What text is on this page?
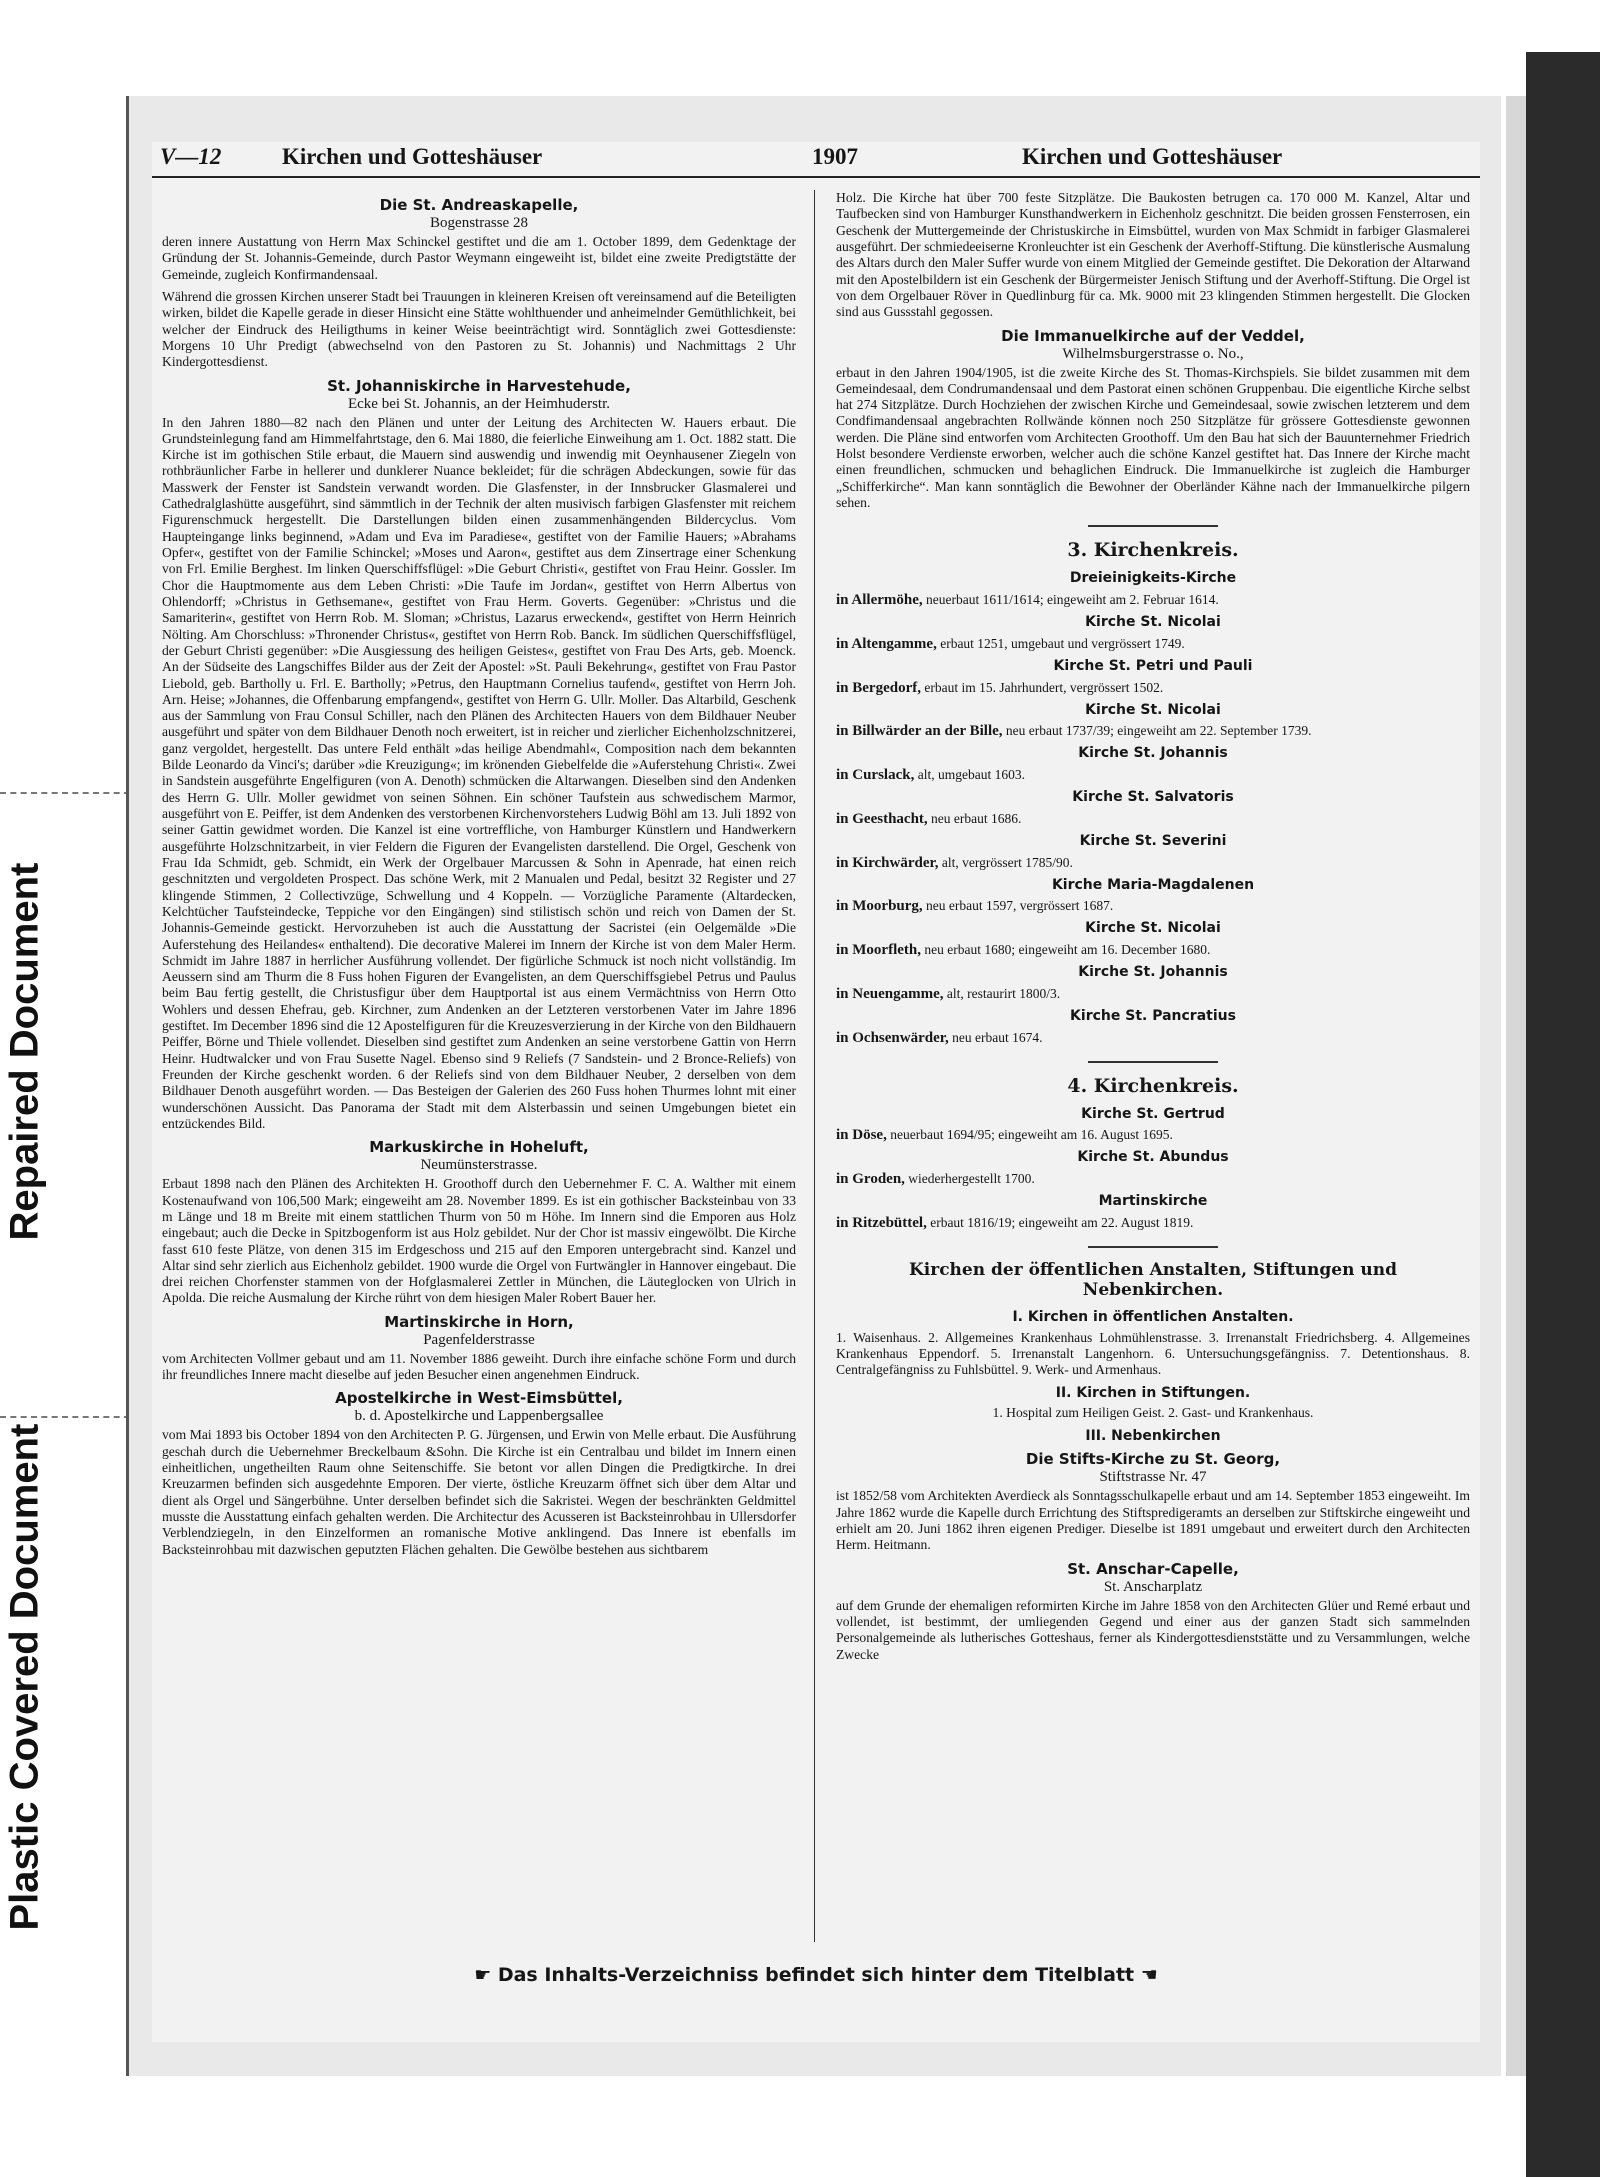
Repaired Document
Plastic Covered Document
V—12	Kirchen und Gotteshäuser	1907	Kirchen und Gotteshäuser
Die St. Andreaskapelle,
Bogenstrasse 28

deren innere Austattung von Herrn Max Schinckel gestiftet und die am 1. October 1899, dem Gedenktage der Gründung der St. Johannis-Gemeinde, durch Pastor Weymann eingeweiht ist, bildet eine zweite Predigtstätte der Gemeinde, zugleich Konfirmandensaal.

Während die grossen Kirchen unserer Stadt bei Trauungen in kleineren Kreisen oft vereinsamend auf die Beteiligten wirken, bildet die Kapelle gerade in dieser Hinsicht eine Stätte wohlthuender und anheimelnder Gemüthlichkeit, bei welcher der Eindruck des Heiligthums in keiner Weise beeinträchtigt wird. Sonntäglich zwei Gottesdienste: Morgens 10 Uhr Predigt (abwechselnd von den Pastoren zu St. Johannis) und Nachmittags 2 Uhr Kindergottesdienst.

St. Johanniskirche in Harvestehude,
Ecke bei St. Johannis, an der Heimhuderstr.

In den Jahren 1880—82 nach den Plänen und unter der Leitung des Architecten W. Hauers erbaut. Die Grundsteinlegung fand am Himmelfahrtstage, den 6. Mai 1880, die feierliche Einweihung am 1. Oct. 1882 statt. Die Kirche ist im gothischen Stile erbaut, die Mauern sind auswendig und inwendig mit Oeynhausener Ziegeln von rothbräunlicher Farbe in hellerer und dunklerer Nuance bekleidet; für die schrägen Abdeckungen, sowie für das Masswerk der Fenster ist Sandstein verwandt worden. Die Glasfenster, in der Innsbrucker Glasmalerei und Cathedralglashütte ausgeführt, sind sämmtlich in der Technik der alten musivisch farbigen Glasfenster mit reichem Figurenschmuck hergestellt. Die Darstellungen bilden einen zusammenhängenden Bildercyclus. Vom Haupteingange links beginnend, »Adam und Eva im Paradiese«, gestiftet von der Familie Hauers; »Abrahams Opfer«, gestiftet von der Familie Schinckel; »Moses und Aaron«, gestiftet aus dem Zinsertrage einer Schenkung von Frl. Emilie Berghest. Im linken Querschiffsflügel: »Die Geburt Christi«, gestiftet von Frau Heinr. Gossler. Im Chor die Hauptmomente aus dem Leben Christi: »Die Taufe im Jordan«, gestiftet von Herrn Albertus von Ohlendorff; »Christus in Gethsemane«, gestiftet von Frau Herm. Goverts. Gegenüber: »Christus und die Samariterin«, gestiftet von Herrn Rob. M. Sloman; »Christus, Lazarus erweckend«, gestiftet von Herrn Heinrich Nölting. Am Chorschluss: »Thronender Christus«, gestiftet von Herrn Rob. Banck. Im südlichen Querschiffsflügel, der Geburt Christi gegenüber: »Die Ausgiessung des heiligen Geistes«, gestiftet von Frau Des Arts, geb. Moenck. An der Südseite des Langschiffes Bilder aus der Zeit der Apostel: »St. Pauli Bekehrung«, gestiftet von Frau Pastor Liebold, geb. Bartholly u. Frl. E. Bartholly; »Petrus, den Hauptmann Cornelius taufend«, gestiftet von Herrn Joh. Arn. Heise; »Johannes, die Offenbarung empfangend«, gestiftet von Herrn G. Ullr. Moller. Das Altarbild, Geschenk aus der Sammlung von Frau Consul Schiller, nach den Plänen des Architecten Hauers von dem Bildhauer Neuber ausgeführt und später von dem Bildhauer Denoth noch erweitert, ist in reicher und zierlicher Eichenholzschnitzerei, ganz vergoldet, hergestellt. Das untere Feld enthält »das heilige Abendmahl«, Composition nach dem bekannten Bilde Leonardo da Vinci's; darüber »die Kreuzigung«; im krönenden Giebelfelde die »Auferstehung Christi«. Zwei in Sandstein ausgeführte Engelfiguren (von A. Denoth) schmücken die Altarwangen. Dieselben sind den Andenken des Herrn G. Ullr. Moller gewidmet von seinen Söhnen. Ein schöner Taufstein aus schwedischem Marmor, ausgeführt von E. Peiffer, ist dem Andenken des verstorbenen Kirchenvorstehers Ludwig Böhl am 13. Juli 1892 von seiner Gattin gewidmet worden. Die Kanzel ist eine vortreffliche, von Hamburger Künstlern und Handwerkern ausgeführte Holzschnitzarbeit, in vier Feldern die Figuren der Evangelisten darstellend. Die Orgel, Geschenk von Frau Ida Schmidt, geb. Schmidt, ein Werk der Orgelbauer Marcussen & Sohn in Apenrade, hat einen reich geschnitzten und vergoldeten Prospect. Das schöne Werk, mit 2 Manualen und Pedal, besitzt 32 Register und 27 klingende Stimmen, 2 Collectivzüge, Schwellung und 4 Koppeln. — Vorzügliche Paramente (Altardecken, Kelchtücher Taufsteindecke, Teppiche vor den Eingängen) sind stilistisch schön und reich von Damen der St. Johannis-Gemeinde gestickt. Hervorzuheben ist auch die Ausstattung der Sacristei (ein Oelgemälde »Die Auferstehung des Heilandes« enthaltend). Die decorative Malerei im Innern der Kirche ist von dem Maler Herm. Schmidt im Jahre 1887 in herrlicher Ausführung vollendet. Der figürliche Schmuck ist noch nicht vollständig. Im Aeussern sind am Thurm die 8 Fuss hohen Figuren der Evangelisten, an dem Querschiffsgiebel Petrus und Paulus beim Bau fertig gestellt, die Christusfigur über dem Hauptportal ist aus einem Vermächtniss von Herrn Otto Wohlers und dessen Ehefrau, geb. Kirchner, zum Andenken an der Letzteren verstorbenen Vater im Jahre 1896 gestiftet. Im December 1896 sind die 12 Apostelfiguren für die Kreuzesverzierung in der Kirche von den Bildhauern Peiffer, Börne und Thiele vollendet. Dieselben sind gestiftet zum Andenken an seine verstorbene Gattin von Herrn Heinr. Hudtwalcker und von Frau Susette Nagel. Ebenso sind 9 Reliefs (7 Sandstein- und 2 Bronce-Reliefs) von Freunden der Kirche geschenkt worden. 6 der Reliefs sind von dem Bildhauer Neuber, 2 derselben von dem Bildhauer Denoth ausgeführt worden. — Das Besteigen der Galerien des 260 Fuss hohen Thurmes lohnt mit einer wunderschönen Aussicht. Das Panorama der Stadt mit dem Alsterbassin und seinen Umgebungen bietet ein entzückendes Bild.

Markuskirche in Hoheluft,
Neumünsterstrasse.

Erbaut 1898 nach den Plänen des Architekten H. Groothoff durch den Uebernehmer F. C. A. Walther mit einem Kostenaufwand von 106,500 Mark; eingeweiht am 28. November 1899. Es ist ein gothischer Backsteinbau von 33 m Länge und 18 m Breite mit einem stattlichen Thurm von 50 m Höhe. Im Innern sind die Emporen aus Holz eingebaut; auch die Decke in Spitzbogenform ist aus Holz gebildet. Nur der Chor ist massiv eingewölbt. Die Kirche fasst 610 feste Plätze, von denen 315 im Erdgeschoss und 215 auf den Emporen untergebracht sind. Kanzel und Altar sind sehr zierlich aus Eichenholz gebildet. 1900 wurde die Orgel von Furtwängler in Hannover eingebaut. Die drei reichen Chorfenster stammen von der Hofglasmalerei Zettler in München, die Läuteglocken von Ulrich in Apolda. Die reiche Ausmalung der Kirche rührt von dem hiesigen Maler Robert Bauer her.

Martinskirche in Horn,
Pagenfelderstrasse

vom Architecten Vollmer gebaut und am 11. November 1886 geweiht. Durch ihre einfache schöne Form und durch ihr freundliches Innere macht dieselbe auf jeden Besucher einen angenehmen Eindruck.

Apostelkirche in West-Eimsbüttel,
b. d. Apostelkirche und Lappenbergsallee

vom Mai 1893 bis October 1894 von den Architecten P. G. Jürgensen, und Erwin von Melle erbaut. Die Ausführung geschah durch die Uebernehmer Breckelbaum &Sohn. Die Kirche ist ein Centralbau und bildet im Innern einen einheitlichen, ungetheilten Raum ohne Seitenschiffe. Sie betont vor allen Dingen die Predigtkirche. In drei Kreuzarmen befinden sich ausgedehnte Emporen. Der vierte, östliche Kreuzarm öffnet sich über dem Altar und dient als Orgel und Sängerbühne. Unter derselben befindet sich die Sakristei. Wegen der beschränkten Geldmittel musste die Ausstattung einfach gehalten werden. Die Architectur des Acusseren ist Backsteinrohbau in Ullersdorfer Verblendziegeln, in den Einzelformen an romanische Motive anklingend. Das Innere ist ebenfalls im Backsteinrohbau mit dazwischen geputzten Flächen gehalten. Die Gewölbe bestehen aus sichtbarem

Holz. Die Kirche hat über 700 feste Sitzplätze. Die Baukosten betrugen ca. 170 000 M. Kanzel, Altar und Taufbecken sind von Hamburger Kunsthandwerkern in Eichenholz geschnitzt. Die beiden grossen Fensterrosen, ein Geschenk der Muttergemeinde der Christuskirche in Eimsbüttel, wurden von Max Schmidt in farbiger Glasmalerei ausgeführt. Der schmiedeeiserne Kronleuchter ist ein Geschenk der Averhoff-Stiftung. Die künstlerische Ausmalung des Altars durch den Maler Suffer wurde von einem Mitglied der Gemeinde gestiftet. Die Dekoration der Altarwand mit den Apostelbildern ist ein Geschenk der Bürgermeister Jenisch Stiftung und der Averhoff-Stiftung. Die Orgel ist von dem Orgelbauer Röver in Quedlinburg für ca. Mk. 9000 mit 23 klingenden Stimmen hergestellt. Die Glocken sind aus Gussstahl gegossen.

Die Immanuelkirche auf der Veddel,
Wilhelmsburgerstrasse o. No.,

erbaut in den Jahren 1904/1905, ist die zweite Kirche des St. Thomas-Kirchspiels. Sie bildet zusammen mit dem Gemeindesaal, dem Condrumandensaal und dem Pastorat einen schönen Gruppenbau. Die eigentliche Kirche selbst hat 274 Sitzplätze. Durch Hochziehen der zwischen Kirche und Gemeindesaal, sowie zwischen letzterem und dem Condfimandensaal angebrachten Rollwände können noch 250 Sitzplätze für grössere Gottesdienste gewonnen werden. Die Pläne sind entworfen vom Architecten Groothoff. Um den Bau hat sich der Bauunternehmer Friedrich Holst besondere Verdienste erworben, welcher auch die schöne Kanzel gestiftet hat. Das Innere der Kirche macht einen freundlichen, schmucken und behaglichen Eindruck. Die Immanuelkirche ist zugleich die Hamburger „Schifferkirche“. Man kann sonntäglich die Bewohner der Oberländer Kähne nach der Immanuelkirche pilgern sehen.

3. Kirchenkreis.
Dreieinigkeits-Kirche
in Allermöhe, neuerbaut 1611/1614; eingeweiht am 2. Februar 1614.
Kirche St. Nicolai
in Altengamme, erbaut 1251, umgebaut und vergrössert 1749.
Kirche St. Petri und Pauli
in Bergedorf, erbaut im 15. Jahrhundert, vergrössert 1502.
Kirche St. Nicolai
in Billwärder an der Bille, neu erbaut 1737/39; eingeweiht am 22. September 1739.
Kirche St. Johannis
in Curslack, alt, umgebaut 1603.
Kirche St. Salvatoris
in Geesthacht, neu erbaut 1686.
Kirche St. Severini
in Kirchwärder, alt, vergrössert 1785/90.
Kirche Maria-Magdalenen
in Moorburg, neu erbaut 1597, vergrössert 1687.
Kirche St. Nicolai
in Moorfleth, neu erbaut 1680; eingeweiht am 16. December 1680.
Kirche St. Johannis
in Neuengamme, alt, restaurirt 1800/3.
Kirche St. Pancratius
in Ochsenwärder, neu erbaut 1674.
4. Kirchenkreis.
Kirche St. Gertrud
in Döse, neuerbaut 1694/95; eingeweiht am 16. August 1695.
Kirche St. Abundus
in Groden, wiederhergestellt 1700.
Martinskirche
in Ritzebüttel, erbaut 1816/19; eingeweiht am 22. August 1819.
Kirchen der öffentlichen Anstalten, Stiftungen und Nebenkirchen.
I. Kirchen in öffentlichen Anstalten.

1. Waisenhaus. 2. Allgemeines Krankenhaus Lohmühlenstrasse. 3. Irrenanstalt Friedrichsberg. 4. Allgemeines Krankenhaus Eppendorf. 5. Irrenanstalt Langenhorn. 6. Untersuchungsgefängniss. 7. Detentionshaus. 8. Centralgefängniss zu Fuhlsbüttel. 9. Werk- und Armenhaus.

II. Kirchen in Stiftungen.

1. Hospital zum Heiligen Geist. 2. Gast- und Krankenhaus.

III. Nebenkirchen
Die Stifts-Kirche zu St. Georg,
Stiftstrasse Nr. 47

ist 1852/58 vom Architekten Averdieck als Sonntagsschulkapelle erbaut und am 14. September 1853 eingeweiht. Im Jahre 1862 wurde die Kapelle durch Errichtung des Stiftspredigeramts an derselben zur Stiftskirche eingeweiht und erhielt am 20. Juni 1862 ihren eigenen Prediger. Dieselbe ist 1891 umgebaut und erweitert durch den Architecten Herm. Heitmann.

St. Anschar-Capelle,
St. Anscharplatz

auf dem Grunde der ehemaligen reformirten Kirche im Jahre 1858 von den Architecten Glüer und Remé erbaut und vollendet, ist bestimmt, der umliegenden Gegend und einer aus der ganzen Stadt sich sammelnden Personalgemeinde als lutherisches Gotteshaus, ferner als Kindergottesdienststätte und zu Versammlungen, welche Zwecke

☛ Das Inhalts-Verzeichniss befindet sich hinter dem Titelblatt ☚
